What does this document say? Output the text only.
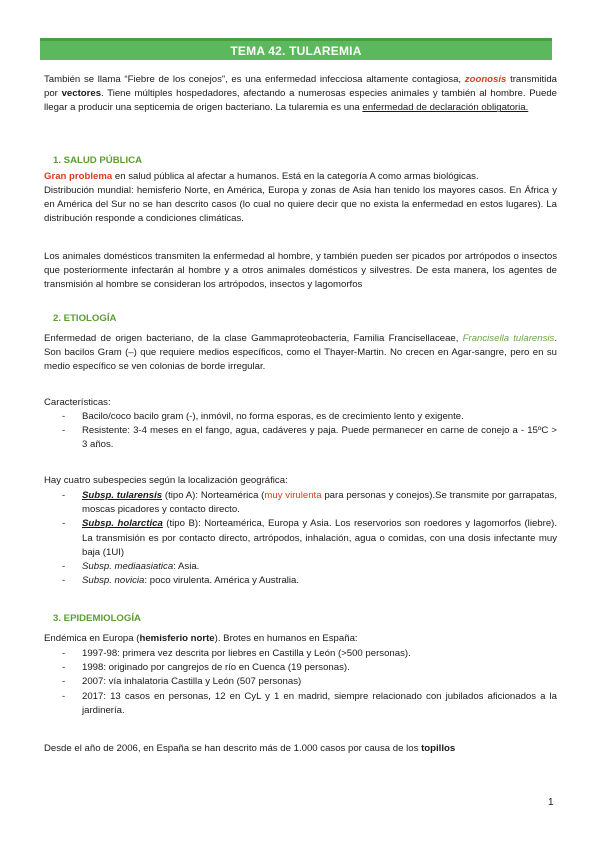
TEMA 42. TULAREMIA
También se llama “Fiebre de los conejos”, es una enfermedad infecciosa altamente contagiosa, zoonosis transmitida por vectores. Tiene múltiples hospedadores, afectando a numerosas especies animales y también al hombre. Puede llegar a producir una septicemia de origen bacteriano. La tularemia es una enfermedad de declaración obligatoria.
1. SALUD PÚBLICA
Gran problema en salud pública al afectar a humanos. Está en la categoría A como armas biológicas.
Distribución mundial: hemisferio Norte, en América, Europa y zonas de Asia han tenido los mayores casos. En África y en América del Sur no se han descrito casos (lo cual no quiere decir que no exista la enfermedad en estos lugares). La distribución responde a condiciones climáticas.
Los animales domésticos transmiten la enfermedad al hombre, y también pueden ser picados por artrópodos o insectos que posteriormente infectarán al hombre y a otros animales domésticos y silvestres. De esta manera, los agentes de transmisión al hombre se consideran los artrópodos, insectos y lagomorfos
2. ETIOLOGÍA
Enfermedad de origen bacteriano, de la clase Gammaproteobacteria, Familia Francisellaceae, Francisella tularensis. Son bacilos Gram (–) que requiere medios específicos, como el Thayer-Martin. No crecen en Agar-sangre, pero en su medio específico se ven colonias de borde irregular.
Características:
- Bacilo/coco bacilo gram (-), inmóvil, no forma esporas, es de crecimiento lento y exigente.
- Resistente: 3-4 meses en el fango, agua, cadáveres y paja. Puede permanecer en carne de conejo a - 15ºC > 3 años.
Hay cuatro subespecies según la localización geográfica:
- Subsp. tularensis (tipo A): Norteamérica (muy virulenta para personas y conejos).Se transmite por garrapatas, moscas picadores y contacto directo.
- Subsp. holarctica (tipo B): Norteamérica, Europa y Asia. Los reservorios son roedores y lagomorfos (liebre). La transmisión es por contacto directo, artrópodos, inhalación, agua o comidas, con una dosis infectante muy baja (1UI)
- Subsp. mediaasiatica: Asia.
- Subsp. novicia: poco virulenta. América y Australia.
3. EPIDEMIOLOGÍA
Endémica en Europa (hemisferio norte). Brotes en humanos en España:
- 1997-98: primera vez descrita por liebres en Castilla y León (>500 personas).
- 1998: originado por cangrejos de río en Cuenca (19 personas).
- 2007: vía inhalatoria Castilla y León (507 personas)
- 2017: 13 casos en personas, 12 en CyL y 1 en madrid, siempre relacionado con jubilados aficionados a la jardinería.
Desde el año de 2006, en España se han descrito más de 1.000 casos por causa de los topillos
1
